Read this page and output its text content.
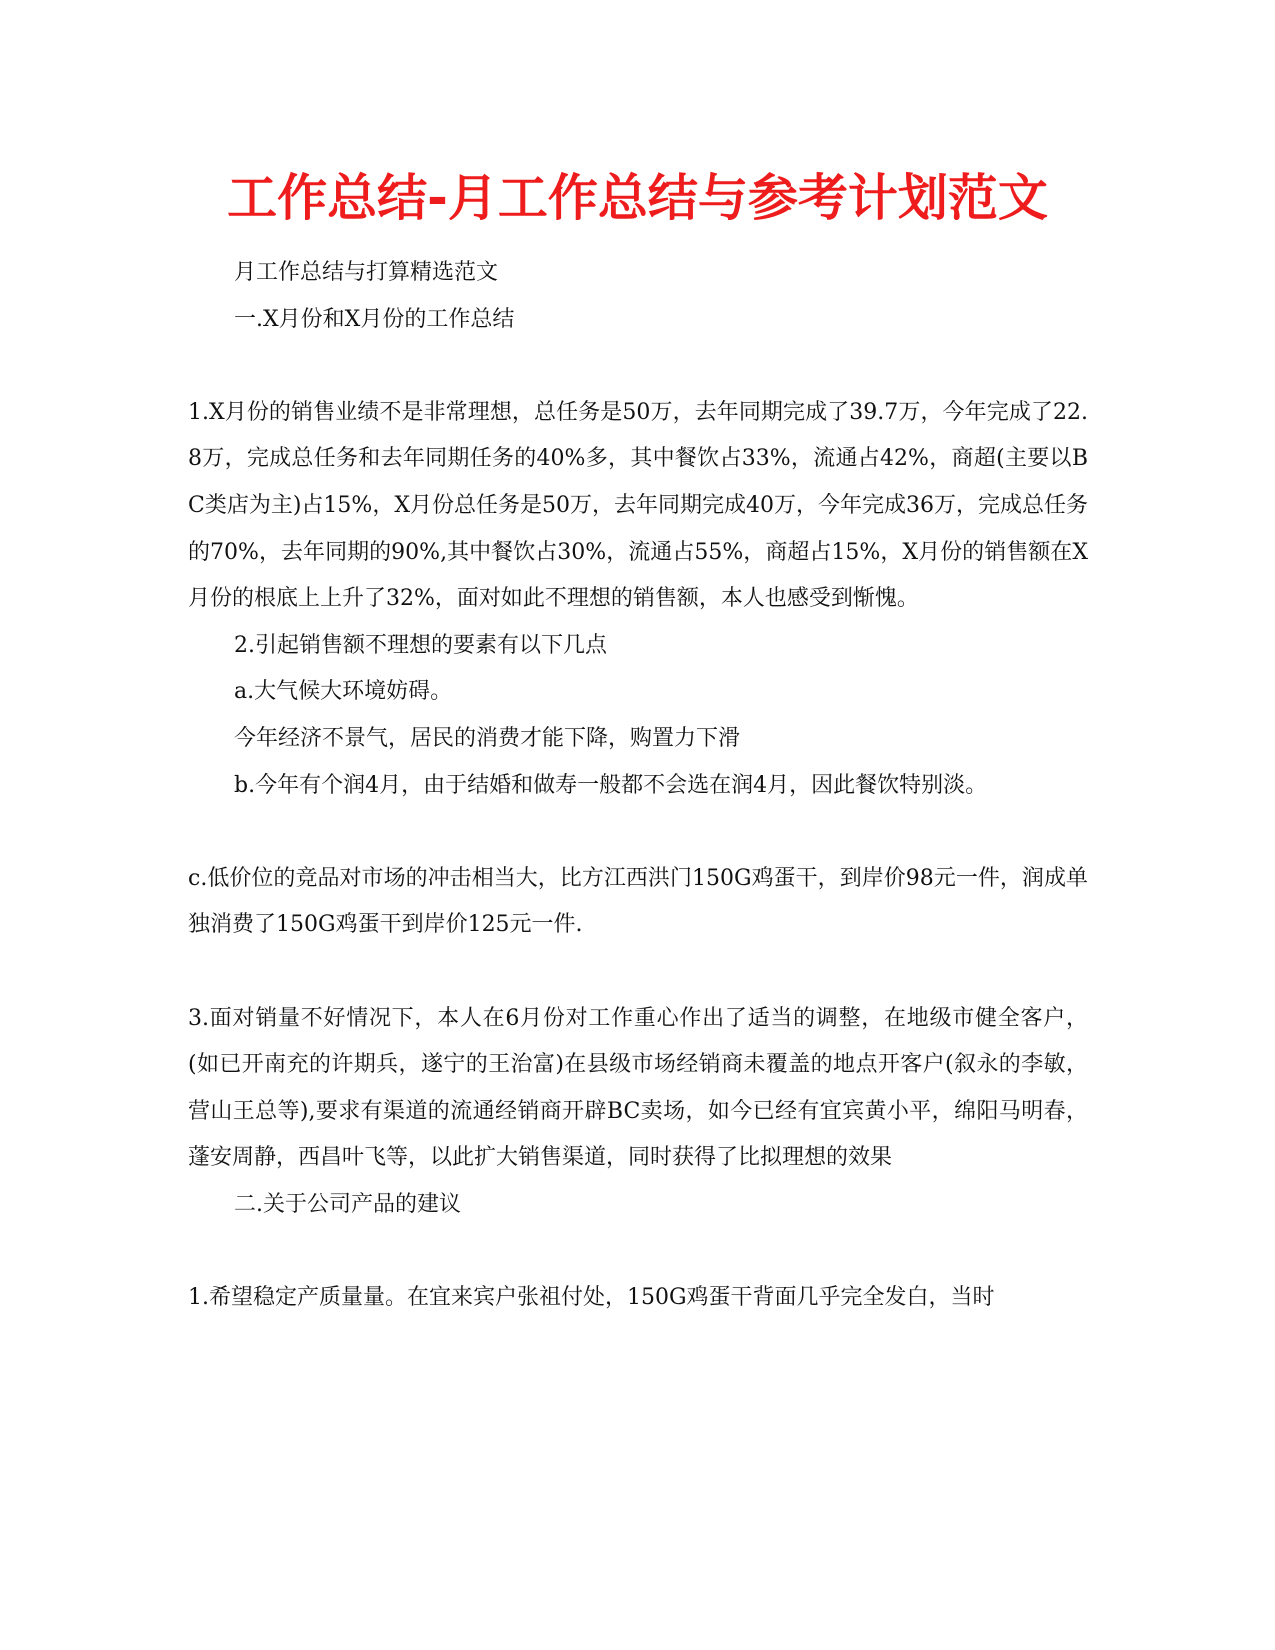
工作总结-月工作总结与参考计划范文

月工作总结与打算精选范文

一.X月份和X月份的工作总结

1.X月份的销售业绩不是非常理想，总任务是50万，去年同期完成了39.7万，今年完成了22.8万，完成总任务和去年同期任务的40%多，其中餐饮占33%，流通占42%，商超(主要以BC类店为主)占15%，X月份总任务是50万，去年同期完成40万，今年完成36万，完成总任务的70%，去年同期的90%,其中餐饮占30%，流通占55%，商超占15%，X月份的销售额在X月份的根底上上升了32%，面对如此不理想的销售额，本人也感受到惭愧。

2.引起销售额不理想的要素有以下几点

a.大气候大环境妨碍。

今年经济不景气，居民的消费才能下降，购置力下滑

b.今年有个润4月，由于结婚和做寿一般都不会选在润4月，因此餐饮特别淡。

c.低价位的竞品对市场的冲击相当大，比方江西洪门150G鸡蛋干，到岸价98元一件，润成单独消费了150G鸡蛋干到岸价125元一件.

3.面对销量不好情况下，本人在6月份对工作重心作出了适当的调整，在地级市健全客户，(如已开南充的许期兵，遂宁的王治富)在县级市场经销商未覆盖的地点开客户(叙永的李敏，营山王总等),要求有渠道的流通经销商开辟BC卖场，如今已经有宜宾黄小平，绵阳马明春，蓬安周静，西昌叶飞等，以此扩大销售渠道，同时获得了比拟理想的效果

二.关于公司产品的建议

1.希望稳定产质量量。在宜来宾户张祖付处，150G鸡蛋干背面几乎完全发白，当时
